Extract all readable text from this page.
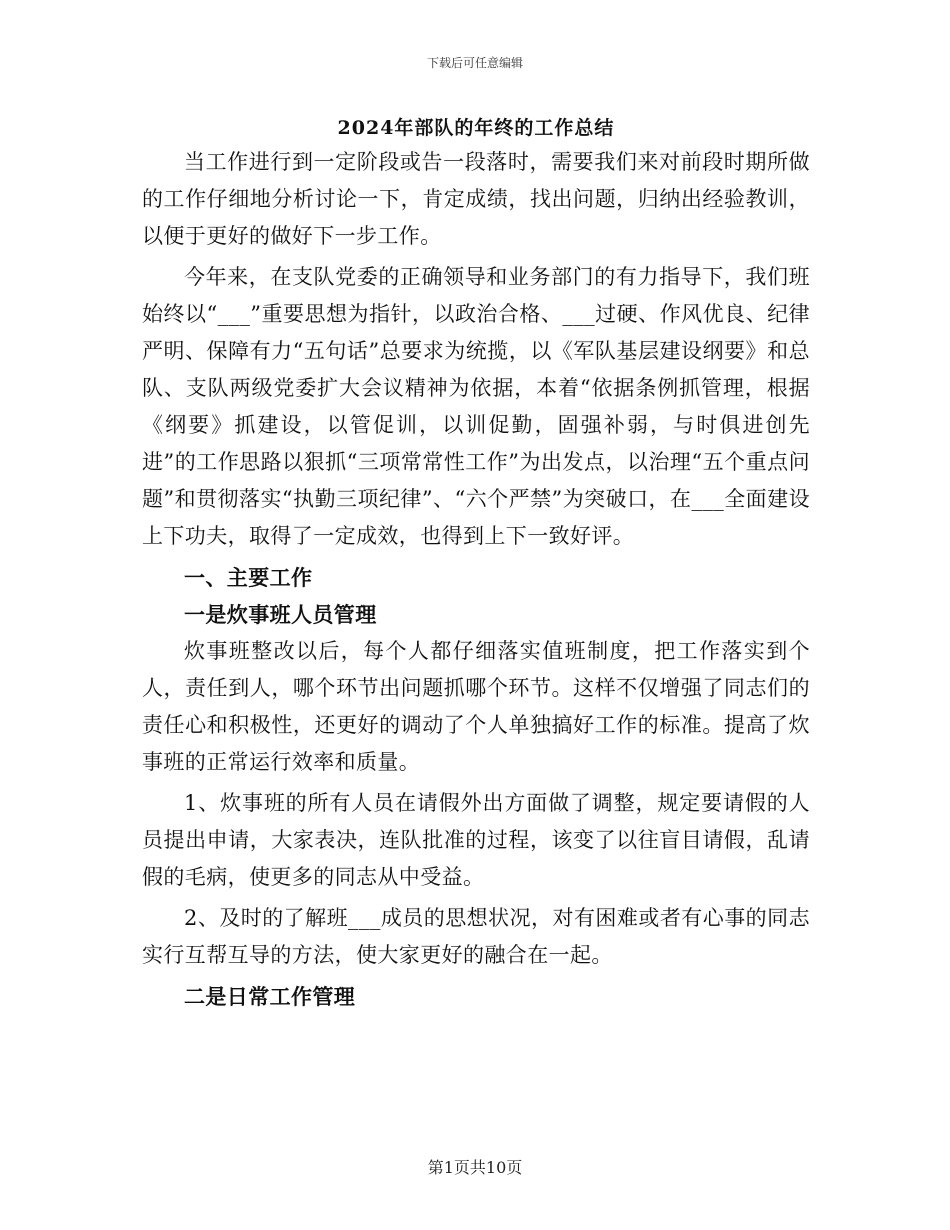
下载后可任意编辑
2024年部队的年终的工作总结

当工作进行到一定阶段或告一段落时，需要我们来对前段时期所做的工作仔细地分析讨论一下，肯定成绩，找出问题，归纳出经验教训，以便于更好的做好下一步工作。

今年来，在支队党委的正确领导和业务部门的有力指导下，我们班始终以“___”重要思想为指针，以政治合格、___过硬、作风优良、纪律严明、保障有力“五句话”总要求为统揽，以《军队基层建设纲要》和总队、支队两级党委扩大会议精神为依据，本着“依据条例抓管理，根据《纲要》抓建设，以管促训，以训促勤，固强补弱，与时俱进创先进”的工作思路以狠抓“三项常常性工作”为出发点，以治理“五个重点问题”和贯彻落实“执勤三项纪律”、“六个严禁”为突破口，在___全面建设上下功夫，取得了一定成效，也得到上下一致好评。

一、主要工作

一是炊事班人员管理

炊事班整改以后，每个人都仔细落实值班制度，把工作落实到个人，责任到人，哪个环节出问题抓哪个环节。这样不仅增强了同志们的责任心和积极性，还更好的调动了个人单独搞好工作的标准。提高了炊事班的正常运行效率和质量。

1、炊事班的所有人员在请假外出方面做了调整，规定要请假的人员提出申请，大家表决，连队批准的过程，该变了以往盲目请假，乱请假的毛病，使更多的同志从中受益。

2、及时的了解班___成员的思想状况，对有困难或者有心事的同志实行互帮互导的方法，使大家更好的融合在一起。

二是日常工作管理

第1页共10页
